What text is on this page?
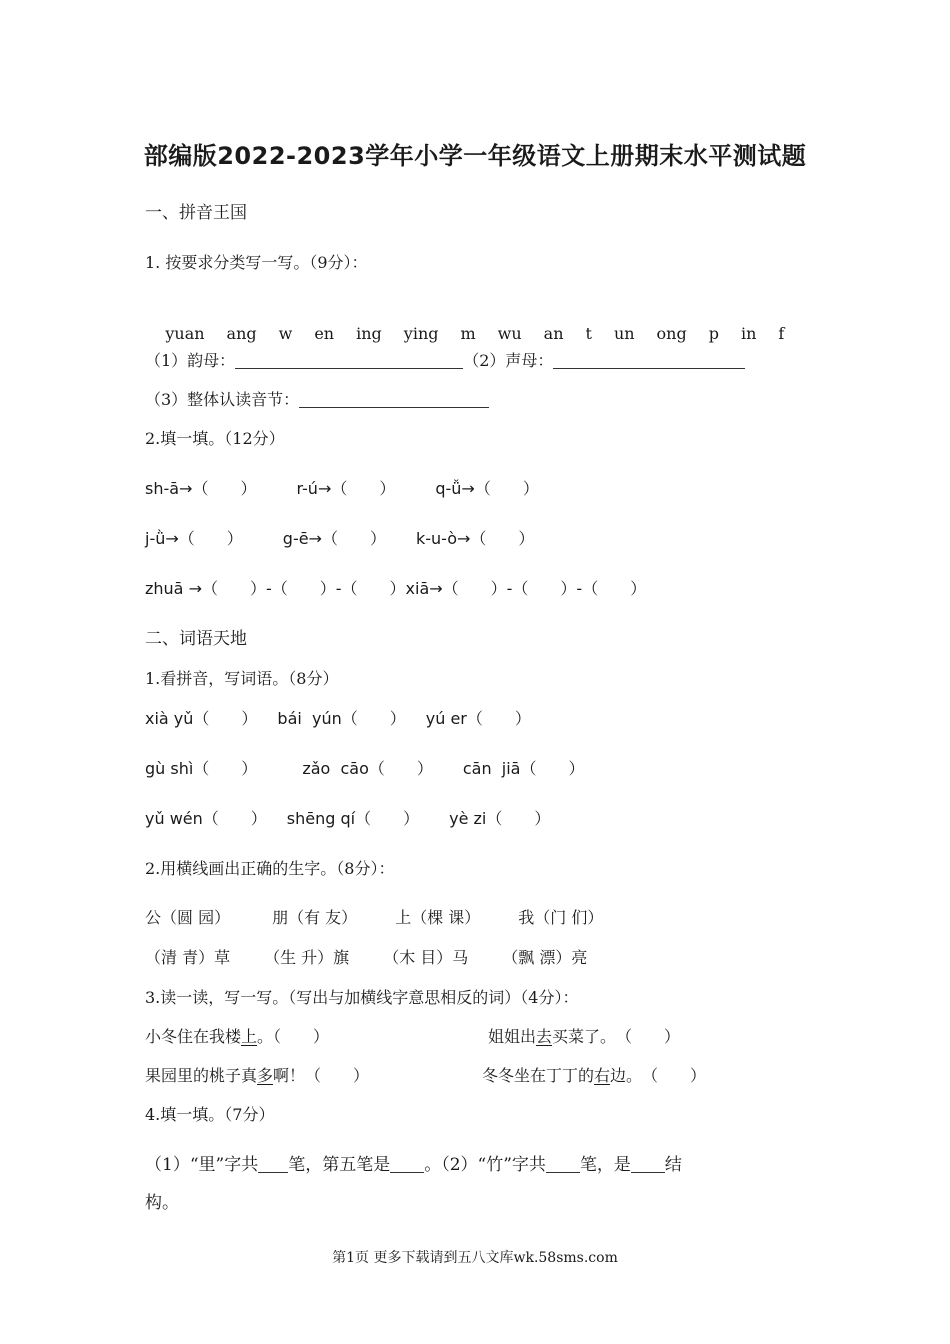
部编版2022-2023学年小学一年级语文上册期末水平测试题
一、拼音王国
1. 按要求分类写一写。（9分）：

yuan ang w en ing ying m wu an t un ong p in f

（1）韵母：	（2）声母：
（3）整体认读音节：
2.填一填。（12分）
sh-ā→（　　）	r-ú→（　　）	q-ǚ→（　　）
j-ǜ→（　　）	g-ē→（　　） k-u-ò→（　　）
zhuā →（　　）-（　　）-（　　）xiā→（　　）-（　　）-（　　）
二、词语天地
1.看拼音，写词语。（8分）
xià yǔ（　　） bái  yún（　　） yú er（　　）
gù shì（　　）	zǎo  cāo（　　） cān  jiā（　　）
yǔ wén（　　） shēng qí（　　） yè zi（　　）
2.用横线画出正确的生字。（8分）：
公（圆 园）	朋（有 友） 上（棵 课） 我（门 们）
（清 青）草 （生 升）旗 （木 目）马 （飘 漂）亮
3.读一读，写一写。（写出与加横线字意思相反的词）（4分）：
小冬住在我楼上。（　　）	姐姐出去买菜了。　（　　）
果园里的桃子真多啊！（　　）	冬冬坐在丁丁的右边。　（　　）
4.填一填。（7分）
（1）“里”字共 笔，第五笔是 。（2）“竹”字共 笔，是 结
构。
第1页 更多下载请到五八文库wk.58sms.com
